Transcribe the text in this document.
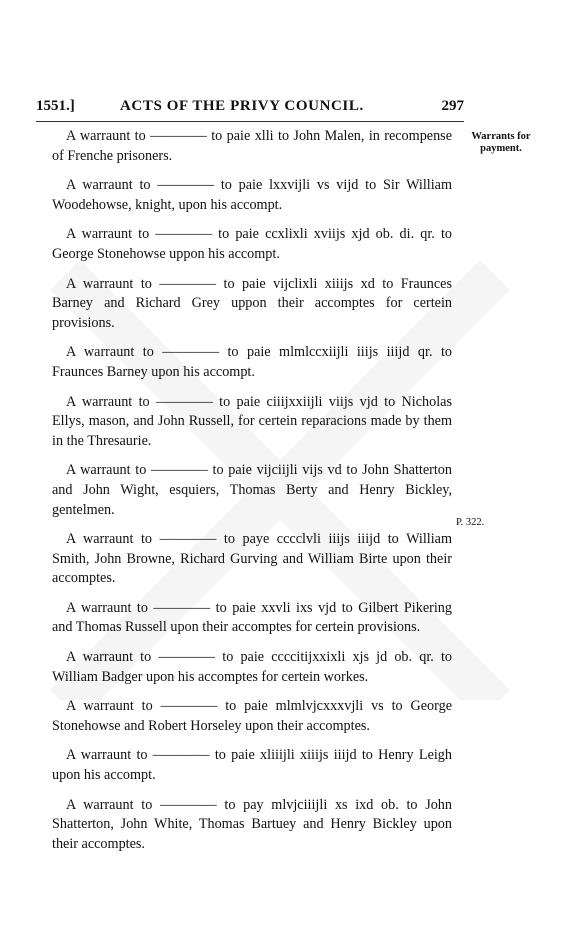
1551.]	ACTS OF THE PRIVY COUNCIL.	297
Warrants for payment.
P. 322.

A warraunt to ———— to paie xlli to John Malen, in recompense of Frenche prisoners.

A warraunt to ———— to paie lxxvijli vs vijd to Sir William Woodehowse, knight, upon his accompt.

A warraunt to ———— to paie ccxlixli xviijs xjd ob. di. qr. to George Stonehowse uppon his accompt.

A warraunt to ———— to paie vijclixli xiiijs xd to Fraunces Barney and Richard Grey uppon their accomptes for certein provisions.

A warraunt to ———— to paie mlmlccxiijli iiijs iiijd qr. to Fraunces Barney upon his accompt.

A warraunt to ———— to paie ciiijxxiijli viijs vjd to Nicholas Ellys, mason, and John Russell, for certein reparacions made by them in the Thresaurie.

A warraunt to ———— to paie vijciijli vijs vd to John Shatterton and John Wight, esquiers, Thomas Berty and Henry Bickley, gentelmen.

A warraunt to ———— to paye cccclvli iiijs iiijd to William Smith, John Browne, Richard Gurving and William Birte upon their accomptes.

A warraunt to ———— to paie xxvli ixs vjd to Gilbert Pikering and Thomas Russell upon their accomptes for certein provisions.

A warraunt to ———— to paie ccccitijxxixli xjs jd ob. qr. to William Badger upon his accomptes for certein workes.

A warraunt to ———— to paie mlmlvjcxxxvjli vs to George Stonehowse and Robert Horseley upon their accomptes.

A warraunt to ———— to paie xliiijli xiiijs iiijd to Henry Leigh upon his accompt.

A warraunt to ———— to pay mlvjciiijli xs ixd ob. to John Shatterton, John White, Thomas Bartuey and Henry Bickley upon their accomptes.
